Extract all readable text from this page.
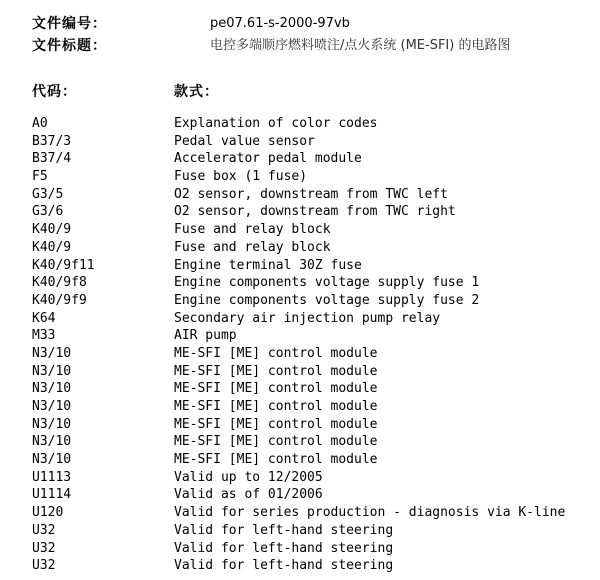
文件编号：	pe07.61-s-2000-97vb
文件标题：	电控多端顺序燃料喷注/点火系统 (ME-SFI) 的电路图
代码：	款式：
A0	Explanation of color codes
B37/3	Pedal value sensor
B37/4	Accelerator pedal module
F5	Fuse box (1 fuse)
G3/5	O2 sensor, downstream from TWC left
G3/6	O2 sensor, downstream from TWC right
K40/9	Fuse and relay block
K40/9	Fuse and relay block
K40/9f11	Engine terminal 30Z fuse
K40/9f8	Engine components voltage supply fuse 1
K40/9f9	Engine components voltage supply fuse 2
K64	Secondary air injection pump relay
M33	AIR pump
N3/10	ME-SFI [ME] control module
N3/10	ME-SFI [ME] control module
N3/10	ME-SFI [ME] control module
N3/10	ME-SFI [ME] control module
N3/10	ME-SFI [ME] control module
N3/10	ME-SFI [ME] control module
N3/10	ME-SFI [ME] control module
U1113	Valid up to 12/2005
U1114	Valid as of 01/2006
U120	Valid for series production - diagnosis via K-line
U32	Valid for left-hand steering
U32	Valid for left-hand steering
U32	Valid for left-hand steering
